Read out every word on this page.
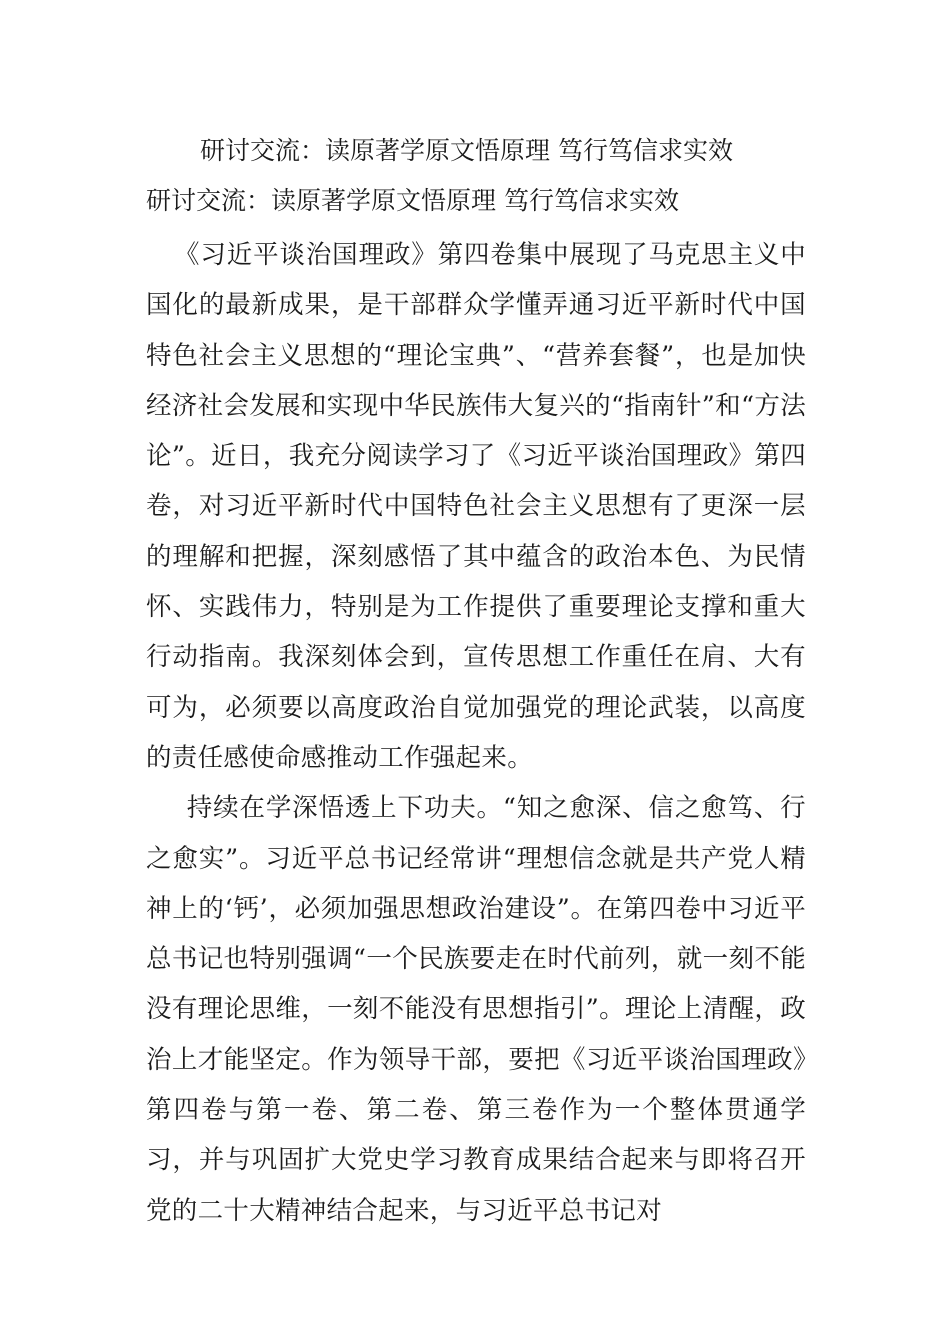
研讨交流：读原著学原文悟原理 笃行笃信求实效
研讨交流：读原著学原文悟原理 笃行笃信求实效

《习近平谈治国理政》第四卷集中展现了马克思主义中国化的最新成果，是干部群众学懂弄通习近平新时代中国特色社会主义思想的“理论宝典”、“营养套餐”，也是加快经济社会发展和实现中华民族伟大复兴的“指南针”和“方法论”。近日，我充分阅读学习了《习近平谈治国理政》第四卷，对习近平新时代中国特色社会主义思想有了更深一层的理解和把握，深刻感悟了其中蕴含的政治本色、为民情怀、实践伟力，特别是为工作提供了重要理论支撑和重大行动指南。我深刻体会到，宣传思想工作重任在肩、大有可为，必须要以高度政治自觉加强党的理论武装，以高度的责任感使命感推动工作强起来。

持续在学深悟透上下功夫。“知之愈深、信之愈笃、行之愈实”。习近平总书记经常讲“理想信念就是共产党人精神上的‘钙’，必须加强思想政治建设”。在第四卷中习近平总书记也特别强调“一个民族要走在时代前列，就一刻不能没有理论思维，一刻不能没有思想指引”。理论上清醒，政治上才能坚定。作为领导干部，要把《习近平谈治国理政》第四卷与第一卷、第二卷、第三卷作为一个整体贯通学习，并与巩固扩大党史学习教育成果结合起来与即将召开党的二十大精神结合起来，与习近平总书记对
